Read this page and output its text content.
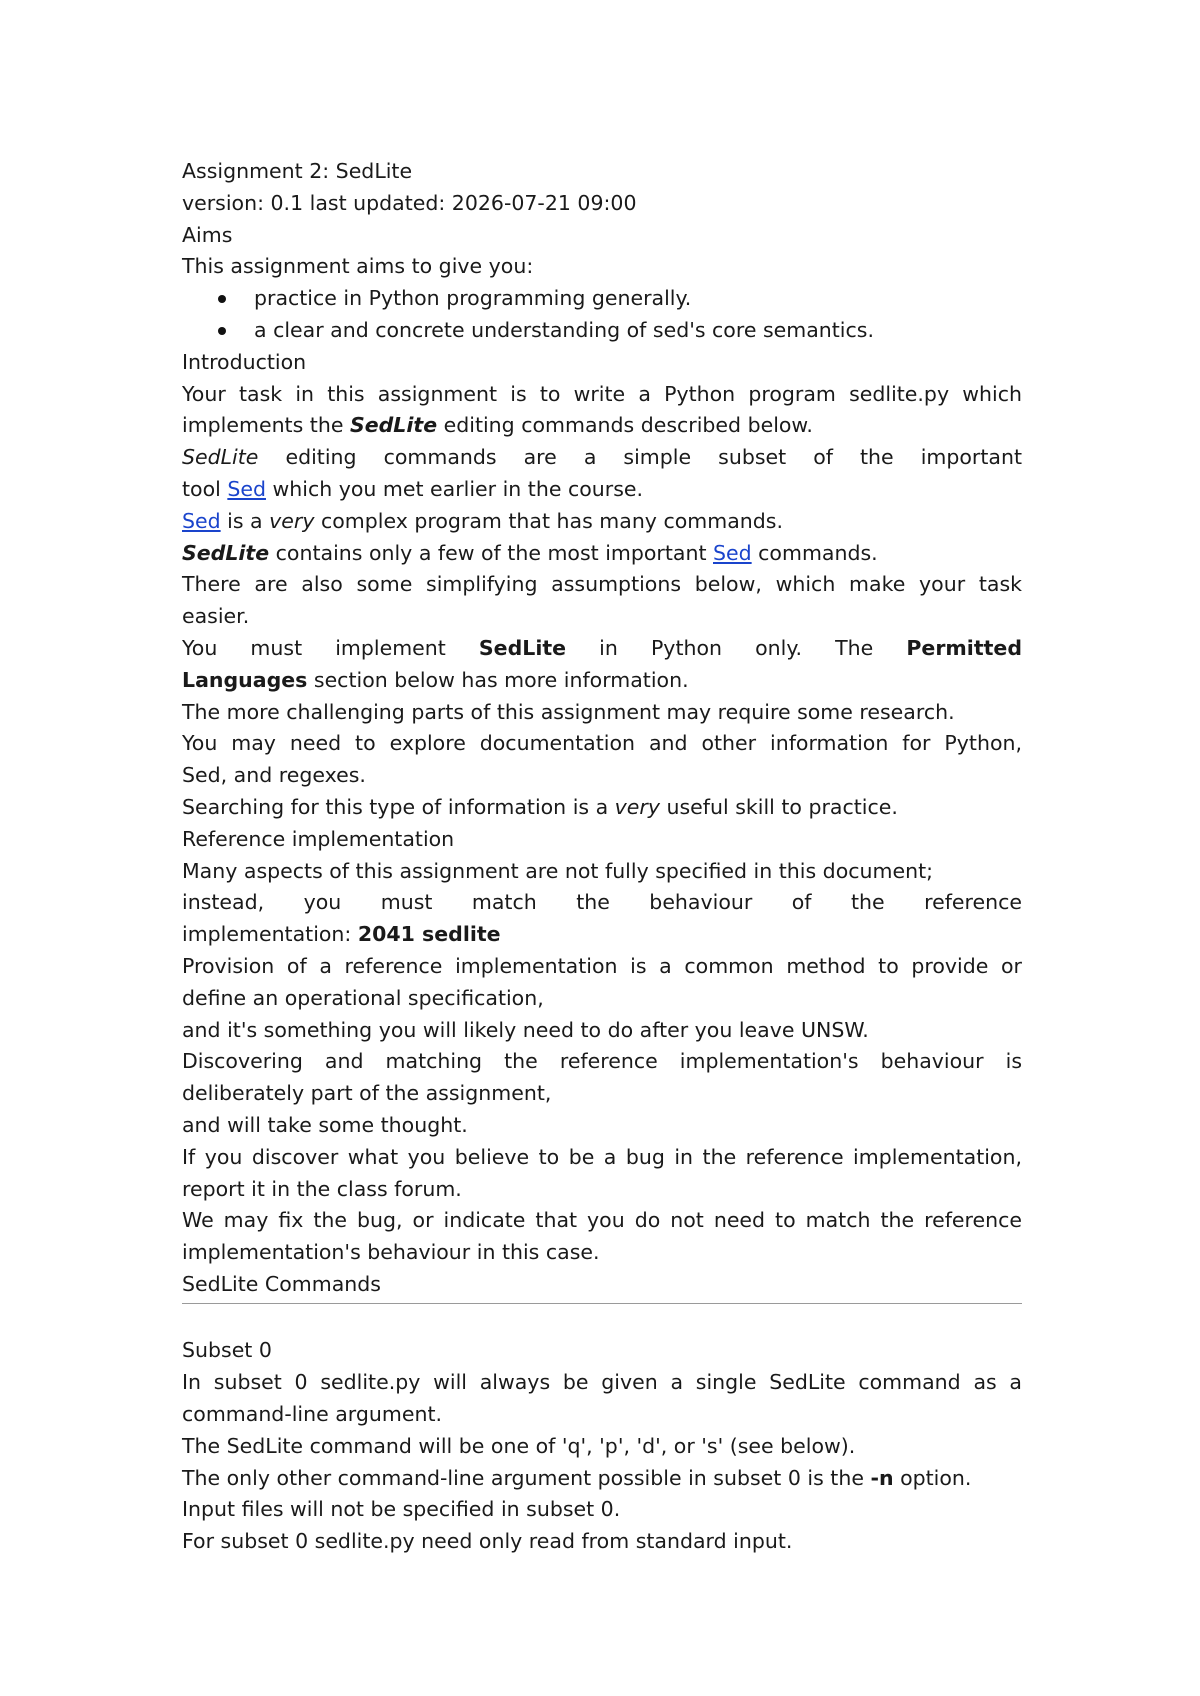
Assignment 2: SedLite
version: 0.1 last updated: 2026-07-21 09:00
Aims
This assignment aims to give you:
practice in Python programming generally.
a clear and concrete understanding of sed's core semantics.
Introduction
Your task in this assignment is to write a Python program sedlite.py which
implements the SedLite editing commands described below.
SedLite editing commands are a simple subset of the important
tool Sed which you met earlier in the course.
Sed is a very complex program that has many commands.
SedLite contains only a few of the most important Sed commands.
There are also some simplifying assumptions below, which make your task
easier.
You must implement SedLite in Python only. The Permitted
Languages section below has more information.
The more challenging parts of this assignment may require some research.
You may need to explore documentation and other information for Python,
Sed, and regexes.
Searching for this type of information is a very useful skill to practice.
Reference implementation
Many aspects of this assignment are not fully specified in this document;
instead, you must match the behaviour of the reference
implementation: 2041 sedlite
Provision of a reference implementation is a common method to provide or
define an operational specification,
and it's something you will likely need to do after you leave UNSW.
Discovering and matching the reference implementation's behaviour is
deliberately part of the assignment,
and will take some thought.
If you discover what you believe to be a bug in the reference implementation,
report it in the class forum.
We may fix the bug, or indicate that you do not need to match the reference
implementation's behaviour in this case.
SedLite Commands
Subset 0
In subset 0 sedlite.py will always be given a single SedLite command as a
command-line argument.
The SedLite command will be one of 'q', 'p', 'd', or 's' (see below).
The only other command-line argument possible in subset 0 is the -n option.
Input files will not be specified in subset 0.
For subset 0 sedlite.py need only read from standard input.
